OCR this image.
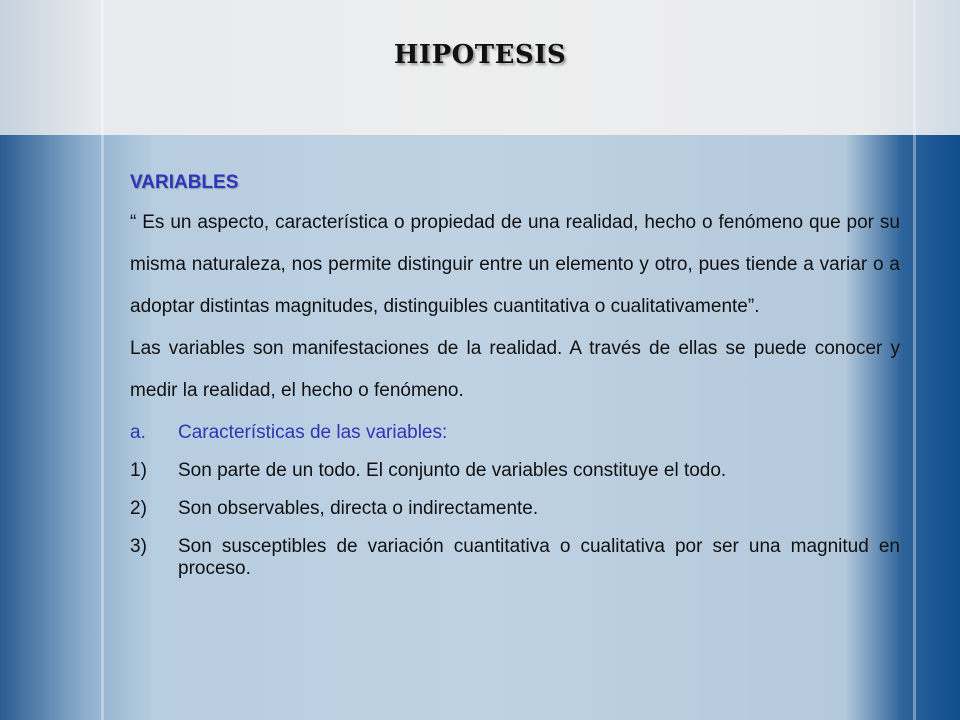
HIPOTESIS
VARIABLES
“ Es un aspecto, característica o propiedad de una realidad, hecho o fenómeno que por su misma naturaleza, nos permite distinguir entre un elemento y otro, pues tiende a variar o a adoptar distintas magnitudes, distinguibles cuantitativa o cualitativamente”.
Las variables son manifestaciones de la realidad. A través de ellas se puede conocer y medir la realidad, el hecho o fenómeno.
a.	Características de las variables:
1)	Son parte de un todo. El conjunto de variables constituye el todo.
2)	Son observables, directa o indirectamente.
3)	Son susceptibles de variación cuantitativa o cualitativa por ser una magnitud en proceso.
